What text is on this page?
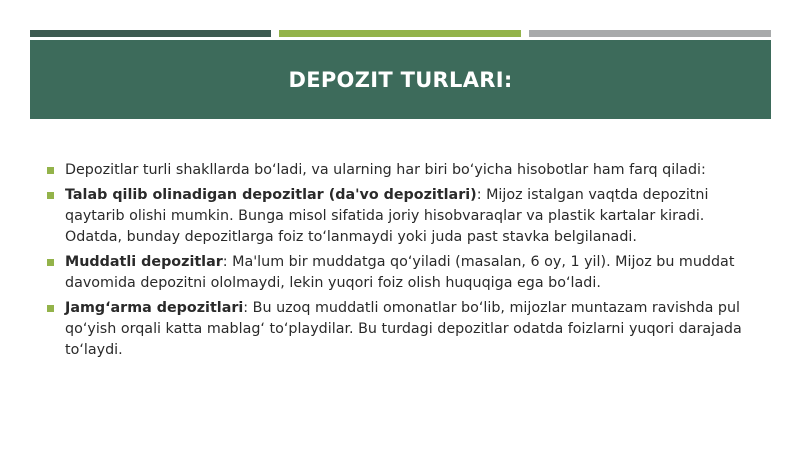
DEPOZIT TURLARI:
Depozitlar turli shakllarda bo‘ladi, va ularning har biri bo‘yicha hisobotlar ham farq qiladi:
Talab qilib olinadigan depozitlar (da'vo depozitlari): Mijoz istalgan vaqtda depozitni qaytarib olishi mumkin. Bunga misol sifatida joriy hisobvaraqlar va plastik kartalar kiradi. Odatda, bunday depozitlarga foiz to‘lanmaydi yoki juda past stavka belgilanadi.
Muddatli depozitlar: Ma'lum bir muddatga qo‘yiladi (masalan, 6 oy, 1 yil). Mijoz bu muddat davomida depozitni ololmaydi, lekin yuqori foiz olish huquqiga ega bo‘ladi.
Jamg‘arma depozitlari: Bu uzoq muddatli omonatlar bo‘lib, mijozlar muntazam ravishda pul qo‘yish orqali katta mablag‘ to‘playdilar. Bu turdagi depozitlar odatda foizlarni yuqori darajada to‘laydi.
